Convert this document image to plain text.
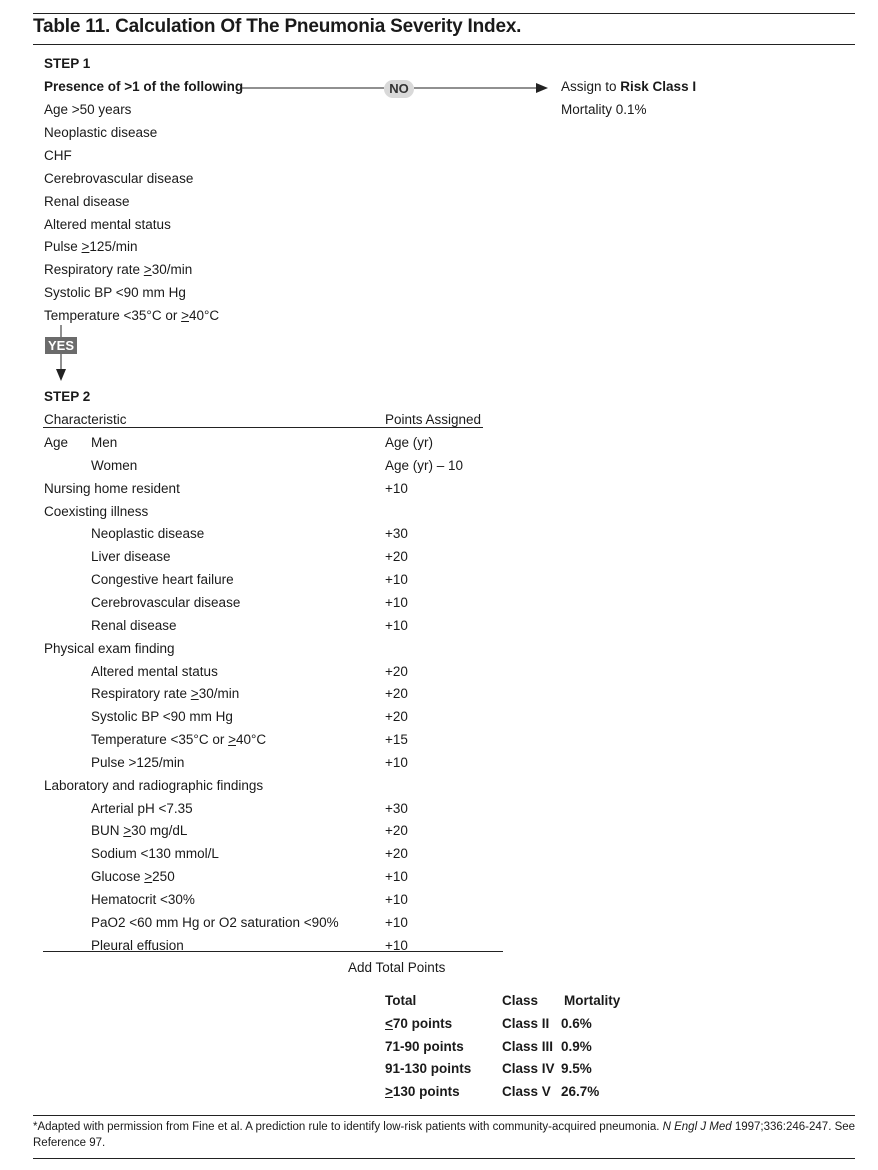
Table 11. Calculation Of The Pneumonia Severity Index.
STEP 1
Presence of >1 of the following
Age >50 years
Neoplastic disease
CHF
Cerebrovascular disease
Renal disease
Altered mental status
Pulse >125/min
Respiratory rate >30/min
Systolic BP <90 mm Hg
Temperature <35°C or >40°C
NO
YES
Assign to Risk Class I
Mortality 0.1%
STEP 2
Characteristic	Points Assigned
Age Men	Age (yr)
Women	Age (yr) – 10
Nursing home resident	+10
Coexisting illness
Neoplastic disease	+30
Liver disease	+20
Congestive heart failure	+10
Cerebrovascular disease	+10
Renal disease	+10
Physical exam finding
Altered mental status	+20
Respiratory rate >30/min	+20
Systolic BP <90 mm Hg	+20
Temperature <35°C or >40°C	+15
Pulse >125/min	+10
Laboratory and radiographic findings
Arterial pH <7.35	+30
BUN >30 mg/dL	+20
Sodium <130 mmol/L	+20
Glucose >250	+10
Hematocrit <30%	+10
PaO2 <60 mm Hg or O2 saturation <90%	+10
Pleural effusion	+10
Add Total Points
Total	Class Mortality
<70 points	Class II 0.6%
71-90 points	Class III 0.9%
91-130 points Class IV 9.5%
>130 points	Class V 26.7%
*Adapted with permission from Fine et al. A prediction rule to identify low-risk patients with community-acquired pneumonia. N Engl J Med 1997;336:246-247. See Reference 97.
